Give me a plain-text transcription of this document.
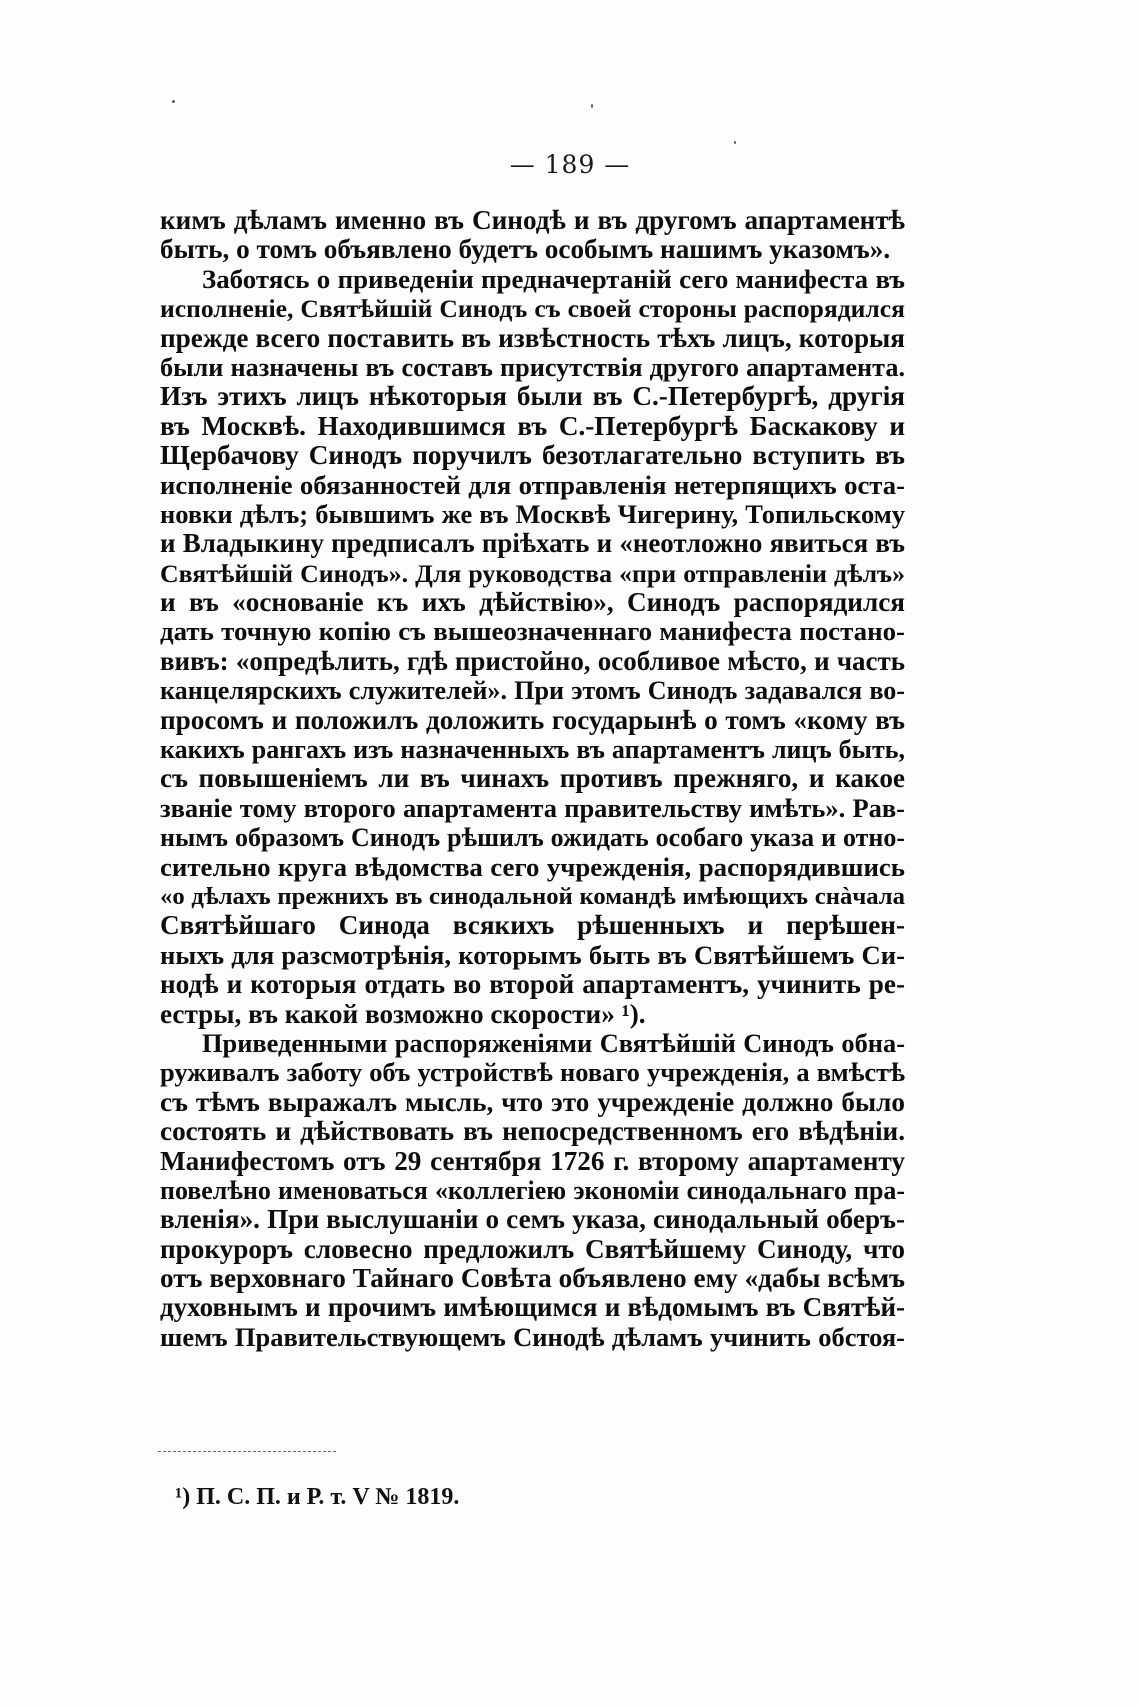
— 189 —
кимъ дѣламъ именно въ Синодѣ и въ другомъ апартаментѣ
быть, о томъ объявлено будетъ особымъ нашимъ указомъ».
Заботясь о приведеніи предначертаній сего манифеста въ
исполненіе, Святѣйшій Синодъ съ своей стороны распорядился
прежде всего поставить въ извѣстность тѣхъ лицъ, которыя
были назначены въ составъ присутствія другого апартамента.
Изъ этихъ лицъ нѣкоторыя были въ С.-Петербургѣ, другія
въ Москвѣ. Находившимся въ С.-Петербургѣ Баскакову и
Щербачову Синодъ поручилъ безотлагательно вступить въ
исполненіе обязанностей для отправленія нетерпящихъ оста-
новки дѣлъ; бывшимъ же въ Москвѣ Чигерину, Топильскому
и Владыкину предписалъ пріѣхать и «неотложно явиться въ
Святѣйшій Синодъ». Для руководства «при отправленіи дѣлъ»
и въ «основаніе къ ихъ дѣйствію», Синодъ распорядился
дать точную копію съ вышеозначеннаго манифеста постано-
вивъ: «опредѣлить, гдѣ пристойно, особливое мѣсто, и часть
канцелярскихъ служителей». При этомъ Синодъ задавался во-
просомъ и положилъ доложить государынѣ о томъ «кому въ
какихъ рангахъ изъ назначенныхъ въ апартаментъ лицъ быть,
съ повышеніемъ ли въ чинахъ противъ прежняго, и какое
званіе тому второго апартамента правительству имѣть». Рав-
нымъ образомъ Синодъ рѣшилъ ожидать особаго указа и отно-
сительно круга вѣдомства сего учрежденія, распорядившись
«о дѣлахъ прежнихъ въ синодальной командѣ имѣющихъ снàчала
Святѣйшаго Синода всякихъ рѣшенныхъ и перѣшен-
ныхъ для разсмотрѣнія, которымъ быть въ Святѣйшемъ Си-
нодѣ и которыя отдать во второй апартаментъ, учинить ре-
естры, въ какой возможно скорости» ¹).
Приведенными распоряженіями Святѣйшій Синодъ обна-
руживалъ заботу объ устройствѣ новаго учрежденія, а вмѣстѣ
съ тѣмъ выражалъ мысль, что это учрежденіе должно было
состоять и дѣйствовать въ непосредственномъ его вѣдѣніи.
Манифестомъ отъ 29 сентября 1726 г. второму апартаменту
повелѣно именоваться «коллегіею экономіи синодальнаго пра-
вленія». При выслушаніи о семъ указа, синодальный оберъ-
прокуроръ словесно предложилъ Святѣйшему Синоду, что
отъ верховнаго Тайнаго Совѣта объявлено ему «дабы всѣмъ
духовнымъ и прочимъ имѣющимся и вѣдомымъ въ Святѣй-
шемъ Правительствующемъ Синодѣ дѣламъ учинить обстоя-
¹) П. С. П. и Р. т. V № 1819.
